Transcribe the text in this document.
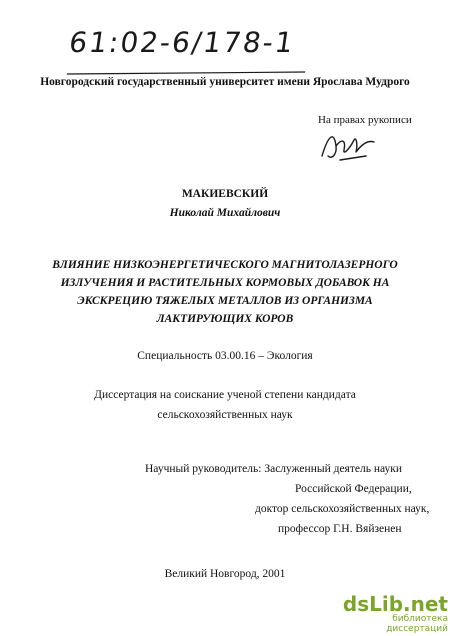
61:02-6/178-1
Новгородский государственный университет имени Ярослава Мудрого
На правах рукописи
МАКИЕВСКИЙ
Николай Михайлович
ВЛИЯНИЕ НИЗКОЭНЕРГЕТИЧЕСКОГО МАГНИТОЛАЗЕРНОГО
ИЗЛУЧЕНИЯ И РАСТИТЕЛЬНЫХ КОРМОВЫХ ДОБАВОК НА
ЭКСКРЕЦИЮ ТЯЖЕЛЫХ МЕТАЛЛОВ ИЗ ОРГАНИЗМА
ЛАКТИРУЮЩИХ КОРОВ
Специальность 03.00.16 – Экология
Диссертация на соискание ученой степени кандидата
сельскохозяйственных наук
Научный руководитель: Заслуженный деятель науки
Российской Федерации,
доктор сельскохозяйственных наук,
профессор Г.Н. Вяйзенен
Великий Новгород, 2001
dsLib.net
библиотека диссертаций
